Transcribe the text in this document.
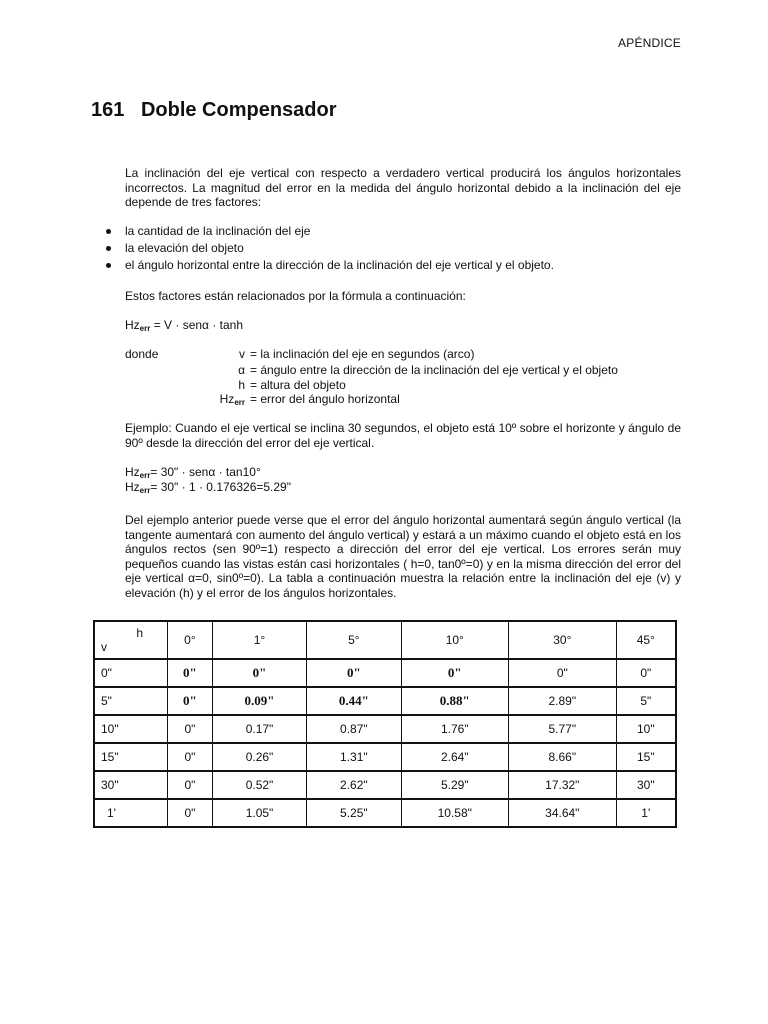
APÉNDICE
161 Doble Compensador
La inclinación del eje vertical con respecto a verdadero vertical producirá los ángulos horizontales incorrectos. La magnitud del error en la medida del ángulo horizontal debido a la inclinación del eje depende de tres factores:
la cantidad de la inclinación del eje
la elevación del objeto
el ángulo horizontal entre la dirección de la inclinación del eje vertical y el objeto.
Estos factores están relacionados por la fórmula a continuación:
$Hz_{err} = V \cdot sen\alpha \cdot \tanh$
donde	v = la inclinación del eje en segundos (arco)
α = ángulo entre la dirección de la inclinación del eje vertical y el objeto
h = altura del objeto
$Hz_{err}$ = error del ángulo horizontal
Ejemplo: Cuando el eje vertical se inclina 30 segundos, el objeto está 10º sobre el horizonte y ángulo de 90º desde la dirección del error del eje vertical.
$Hz_{err}= 30$" · senα · tan10°
$Hz_{err}= 30$" · 1 · 0.176326=5.29"
Del ejemplo anterior puede verse que el error del ángulo horizontal aumentará según ángulo vertical (la tangente aumentará con aumento del ángulo vertical) y estará a un máximo cuando el objeto está en los ángulos rectos (sen 90º=1) respecto a dirección del error del eje vertical. Los errores serán muy pequeños cuando las vistas están casi horizontales ( h=0, tan0º=0) y en la misma dirección del error del eje vertical α=0, sin0º=0). La tabla a continuación muestra la relación entre la inclinación del eje (v) y elevación (h) y el error de los ángulos horizontales.
h
v	0°	1°	5°	10°	30°	45°
0"	0"	0"	0"	0"	0"	0"
5"	0"	0.09"	0.44"	0.88"	2.89"	5"
10"	0"	0.17"	0.87"	1.76"	5.77"	10"
15"	0"	0.26"	1.31"	2.64"	8.66"	15"
30"	0"	0.52"	2.62"	5.29"	17.32"	30"
1'	0"	1.05"	5.25"	10.58"	34.64"	1'
